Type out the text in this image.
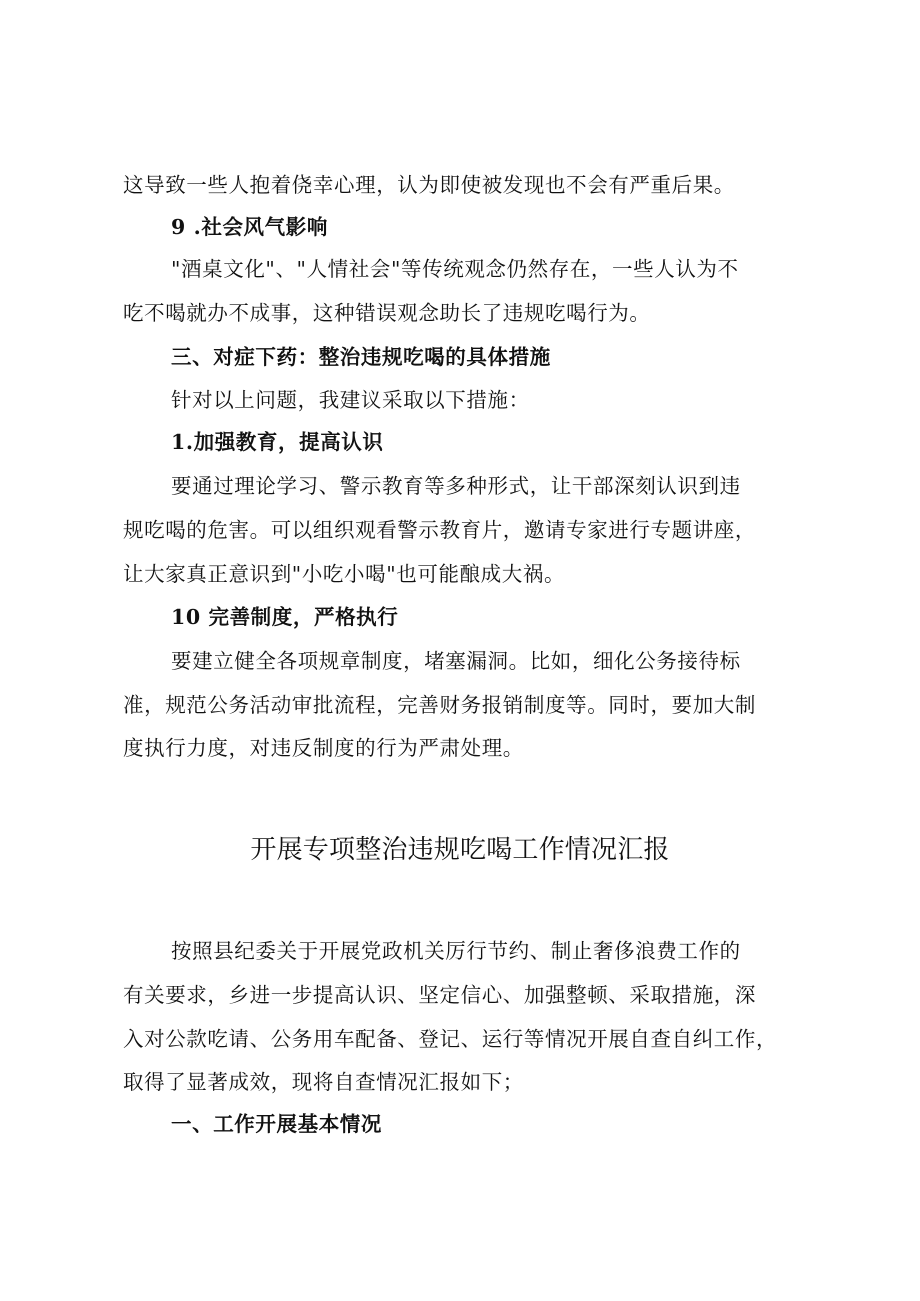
这导致一些人抱着侥幸心理，认为即使被发现也不会有严重后果。
9 .社会风气影响
"酒桌文化"、"人情社会"等传统观念仍然存在，一些人认为不
吃不喝就办不成事，这种错误观念助长了违规吃喝行为。
三、对症下药：整治违规吃喝的具体措施
针对以上问题，我建议采取以下措施：
1.加强教育，提高认识
要通过理论学习、警示教育等多种形式，让干部深刻认识到违
规吃喝的危害。可以组织观看警示教育片，邀请专家进行专题讲座，
让大家真正意识到"小吃小喝"也可能酿成大祸。
10 完善制度，严格执行
要建立健全各项规章制度，堵塞漏洞。比如，细化公务接待标
准，规范公务活动审批流程，完善财务报销制度等。同时，要加大制
度执行力度，对违反制度的行为严肃处理。
开展专项整治违规吃喝工作情况汇报
按照县纪委关于开展党政机关厉行节约、制止奢侈浪费工作的
有关要求，乡进一步提高认识、坚定信心、加强整顿、采取措施，深
入对公款吃请、公务用车配备、登记、运行等情况开展自查自纠工作，
取得了显著成效，现将自查情况汇报如下；
一、工作开展基本情况
